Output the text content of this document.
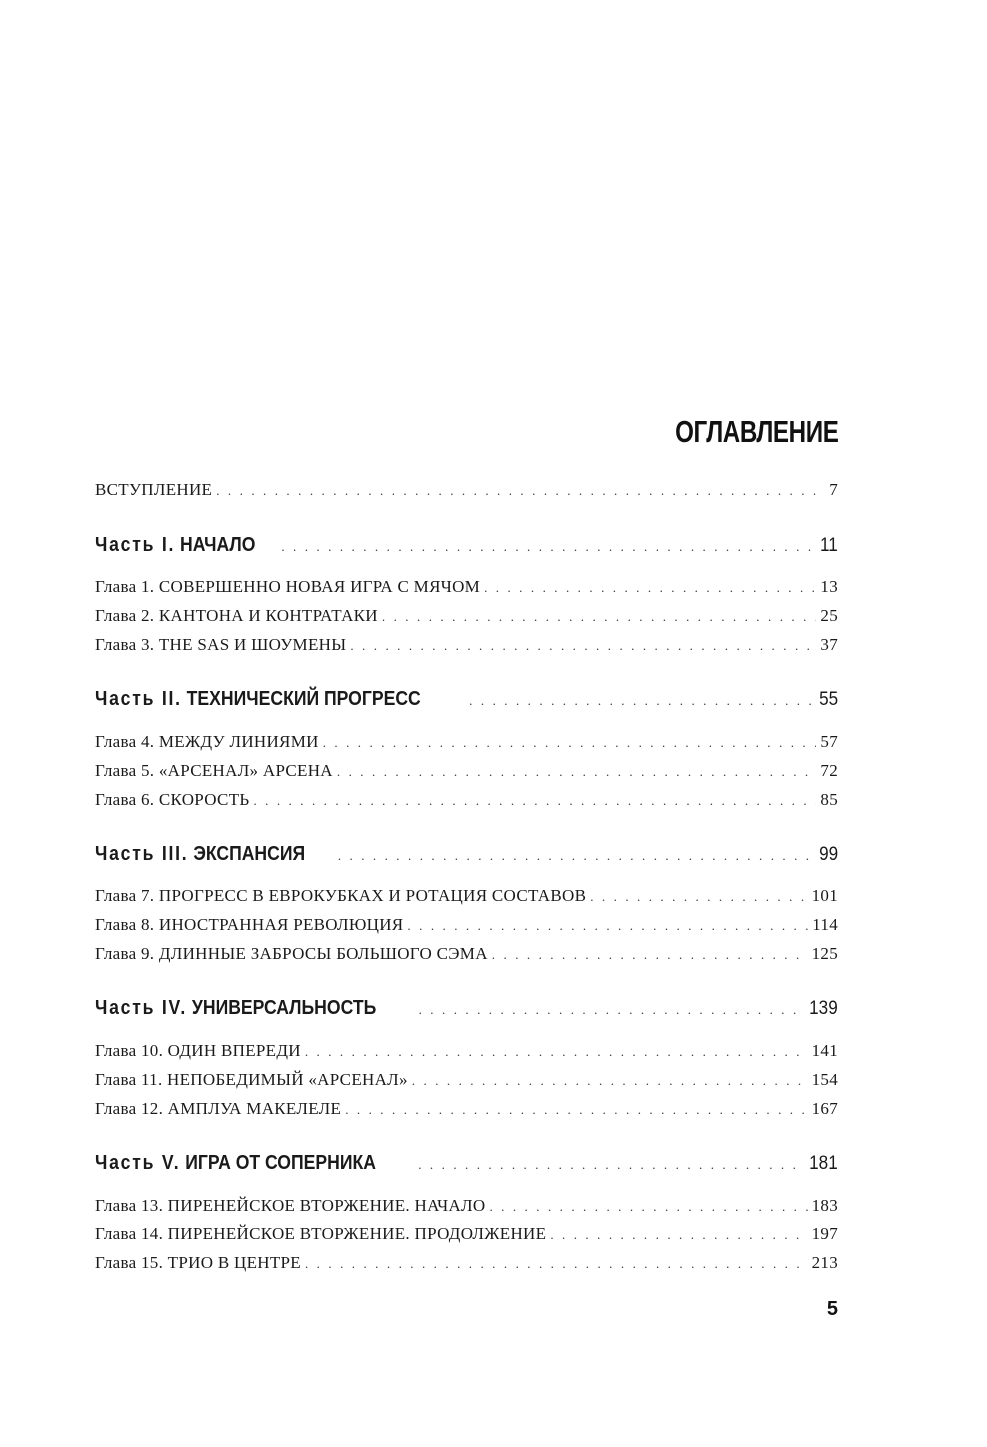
ОГЛАВЛЕНИЕ
ВСТУПЛЕНИЕ . . .	7
Часть I. НАЧАЛО . . .	11
Глава 1. СОВЕРШЕННО НОВАЯ ИГРА С МЯЧОМ . . .	13
Глава 2. КАНТОНА И КОНТРАТАКИ . . .	25
Глава 3. THE SAS И ШОУМЕНЫ . . .	37
Часть II. ТЕХНИЧЕСКИЙ ПРОГРЕСС . . .	55
Глава 4. МЕЖДУ ЛИНИЯМИ . . .	57
Глава 5. «АРСЕНАЛ» АРСЕНА . . .	72
Глава 6. СКОРОСТЬ . . .	85
Часть III. ЭКСПАНСИЯ . . .	99
Глава 7. ПРОГРЕСС В ЕВРОКУБКАХ И РОТАЦИЯ СОСТАВОВ . . .	101
Глава 8. ИНОСТРАННАЯ РЕВОЛЮЦИЯ . . .	114
Глава 9. ДЛИННЫЕ ЗАБРОСЫ БОЛЬШОГО СЭМА . . .	125
Часть IV. УНИВЕРСАЛЬНОСТЬ . . .	139
Глава 10. ОДИН ВПЕРЕДИ . . .	141
Глава 11. НЕПОБЕДИМЫЙ «АРСЕНАЛ» . . .	154
Глава 12. АМПЛУА МАКЕЛЕЛЕ . . .	167
Часть V. ИГРА ОТ СОПЕРНИКА . . .	181
Глава 13. ПИРЕНЕЙСКОЕ ВТОРЖЕНИЕ. НАЧАЛО . . .	183
Глава 14. ПИРЕНЕЙСКОЕ ВТОРЖЕНИЕ. ПРОДОЛЖЕНИЕ . . .	197
Глава 15. ТРИО В ЦЕНТРЕ . . .	213
5
